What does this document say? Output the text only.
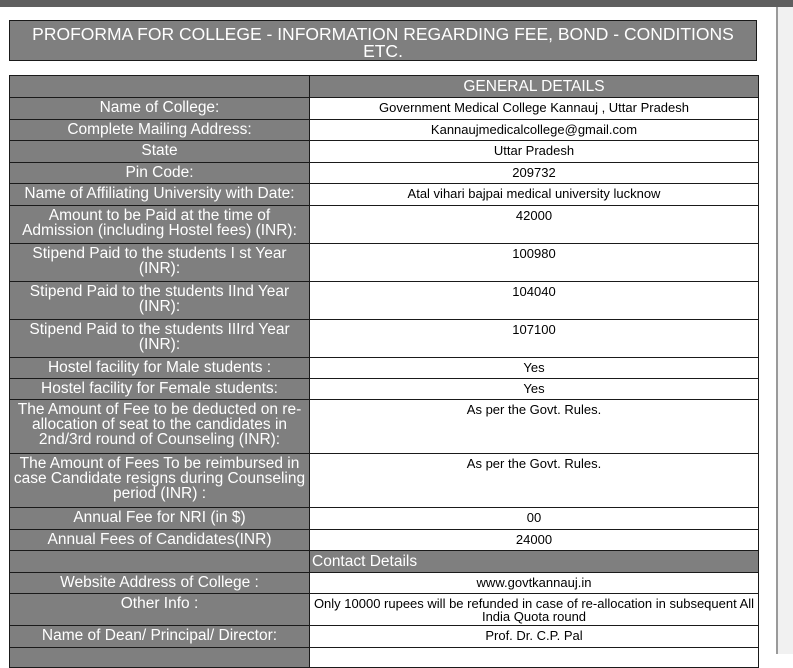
PROFORMA FOR COLLEGE - INFORMATION REGARDING FEE, BOND - CONDITIONS
ETC.
	GENERAL DETAILS
Name of College:	Government Medical College Kannauj , Uttar Pradesh
Complete Mailing Address:	Kannaujmedicalcollege@gmail.com
State	Uttar Pradesh
Pin Code:	209732
Name of Affiliating University with Date:	Atal vihari bajpai medical university lucknow
Amount to be Paid at the time of Admission (including Hostel fees) (INR):	42000
Stipend Paid to the students I st Year (INR):	100980
Stipend Paid to the students IInd Year (INR):	104040
Stipend Paid to the students IIIrd Year (INR):	107100
Hostel facility for Male students :	Yes
Hostel facility for Female students:	Yes
The Amount of Fee to be deducted on re-allocation of seat to the candidates in 2nd/3rd round of Counseling (INR):	As per the Govt. Rules.
The Amount of Fees To be reimbursed in case Candidate resigns during Counseling period (INR) :	As per the Govt. Rules.
Annual Fee for NRI (in $)	00
Annual Fees of Candidates(INR)	24000
	Contact Details
Website Address of College :	www.govtkannauj.in
Other Info :	Only 10000 rupees will be refunded in case of re-allocation in subsequent All India Quota round
Name of Dean/ Principal/ Director:	Prof. Dr. C.P. Pal
